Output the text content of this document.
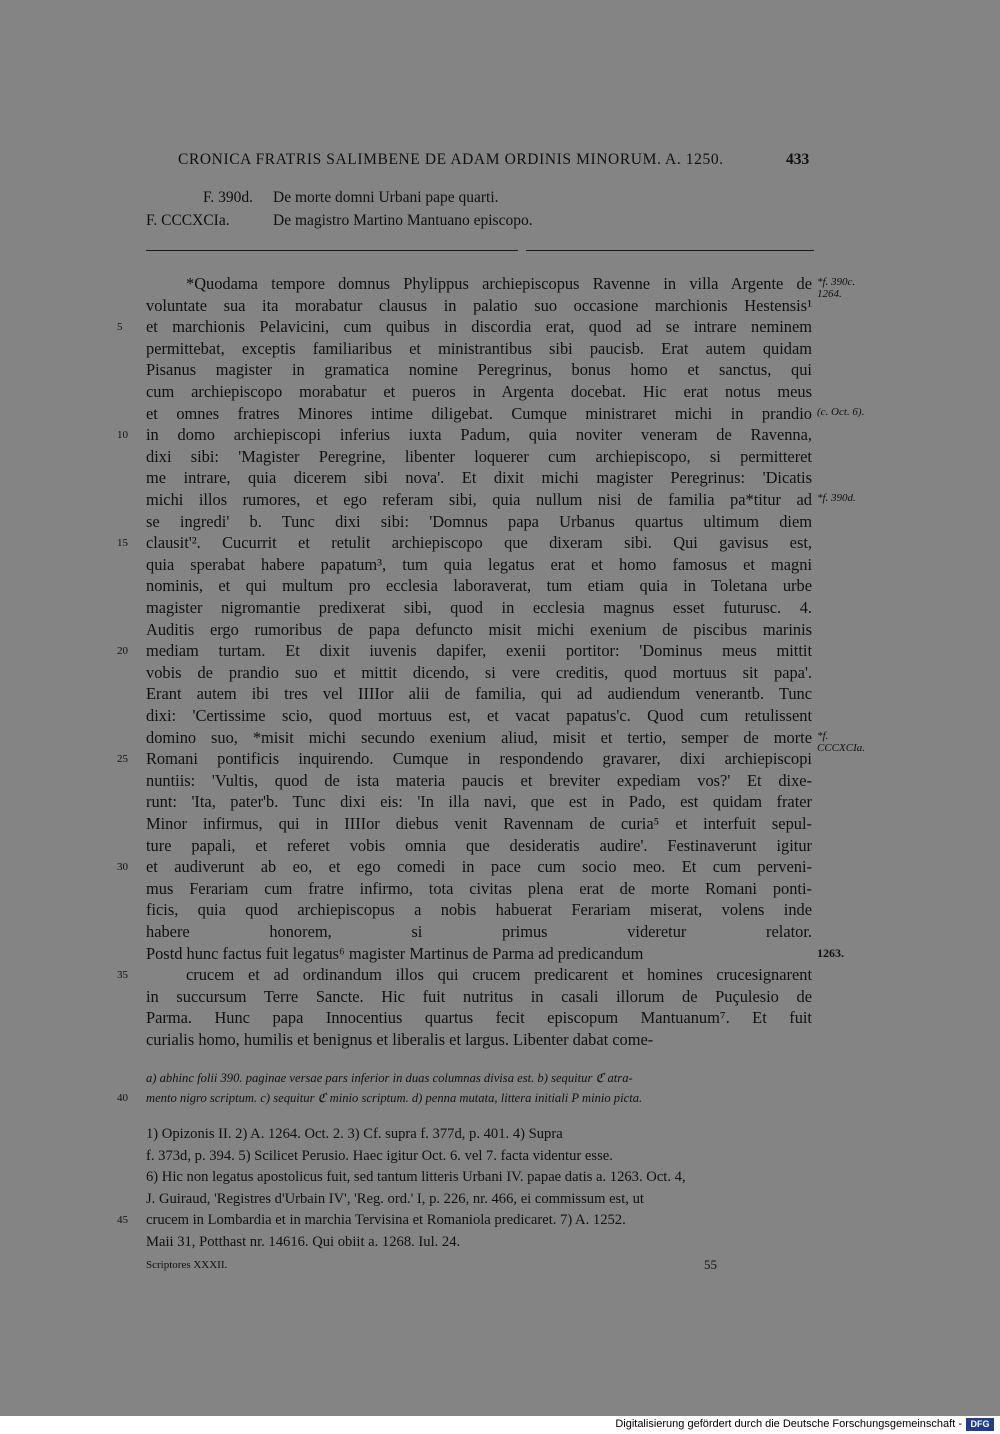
CRONICA FRATRIS SALIMBENE DE ADAM ORDINIS MINORUM. A. 1250.	433
F. 390d. De morte domni Urbani pape quarti.
F. CCCXCIa.	De magistro Martino Mantuano episcopo.
*Quodama tempore domnus Phylippus archiepiscopus Ravenne in villa Argente de *f. 390c. 1264.
voluntate sua ita morabatur clausus in palatio suo occasione marchionis Hestensis¹
et marchionis Pelavicini, cum quibus in discordia erat, quod ad se intrare neminem
5
permittebat, exceptis familiaribus et ministrantibus sibi paucisb. Erat autem quidam
Pisanus magister in gramatica nomine Peregrinus, bonus homo et sanctus, qui
cum archiepiscopo morabatur et pueros in Argenta docebat. Hic erat notus meus
et omnes fratres Minores intime diligebat. Cumque ministraret michi in prandio (c. Oct. 6).
in domo archiepiscopi inferius iuxta Padum, quia noviter veneram de Ravenna,
10
dixi sibi: 'Magister Peregrine, libenter loquerer cum archiepiscopo, si permitteret
me intrare, quia dicerem sibi nova'. Et dixit michi magister Peregrinus: 'Dicatis
michi illos rumores, et ego referam sibi, quia nullum nisi de familia pa*titur ad *f. 390d.
se ingredi' b. Tunc dixi sibi: 'Domnus papa Urbanus quartus ultimum diem
clausit'². Cucurrit et retulit archiepiscopo que dixeram sibi. Qui gavisus est,
15
quia sperabat habere papatum³, tum quia legatus erat et homo famosus et magni
nominis, et qui multum pro ecclesia laboraverat, tum etiam quia in Toletana urbe
magister nigromantie predixerat sibi, quod in ecclesia magnus esset futurusc. 4.
Auditis ergo rumoribus de papa defuncto misit michi exenium de piscibus marinis
mediam turtam. Et dixit iuvenis dapifer, exenii portitor: 'Dominus meus mittit
20
vobis de prandio suo et mittit dicendo, si vere creditis, quod mortuus sit papa'.
Erant autem ibi tres vel IIIIor alii de familia, qui ad audiendum venerantb. Tunc
dixi: 'Certissime scio, quod mortuus est, et vacat papatus'c. Quod cum retulissent
domino suo, *misit michi secundo exenium aliud, misit et tertio, semper de morte *f. CCCXCIa.
Romani pontificis inquirendo. Cumque in respondendo gravarer, dixi archiepiscopi
25
nuntiis: 'Vultis, quod de ista materia paucis et breviter expediam vos?' Et dixe-
runt: 'Ita, pater'b. Tunc dixi eis: 'In illa navi, que est in Pado, est quidam frater
Minor infirmus, qui in IIIIor diebus venit Ravennam de curia⁵ et interfuit sepul-
ture papali, et referet vobis omnia que desideratis audire'. Festinaverunt igitur
et audiverunt ab eo, et ego comedi in pace cum socio meo. Et cum perveni-
30
mus Ferariam cum fratre infirmo, tota civitas plena erat de morte Romani ponti-
ficis, quia quod archiepiscopus a nobis habuerat Ferariam miserat, volens inde
habere honorem, si primus videretur relator.
Postd hunc factus fuit legatus⁶ magister Martinus de Parma ad predicandum	1263.
crucem et ad ordinandum illos qui crucem predicarent et homines crucesignarent
35
in succursum Terre Sancte. Hic fuit nutritus in casali illorum de Puçulesio de
Parma. Hunc papa Innocentius quartus fecit episcopum Mantuanum⁷. Et fuit
curialis homo, humilis et benignus et liberalis et largus. Libenter dabat come-
a) abhinc folii 390. paginae versae pars inferior in duas columnas divisa est. b) sequitur ℭ atra-
mento nigro scriptum. c) sequitur ℭ minio scriptum. d) penna mutata, littera initiali P minio picta.
40
1) Opizonis II. 2) A. 1264. Oct. 2. 3) Cf. supra f. 377d, p. 401. 4) Supra
f. 373d, p. 394. 5) Scilicet Perusio. Haec igitur Oct. 6. vel 7. facta videntur esse.
6) Hic non legatus apostolicus fuit, sed tantum litteris Urbani IV. papae datis a. 1263. Oct. 4,
J. Guiraud, 'Registres d'Urbain IV', 'Reg. ord.' I, p. 226, nr. 466, ei commissum est, ut
crucem in Lombardia et in marchia Tervisina et Romaniola predicaret. 7) A. 1252.
45
Maii 31, Potthast nr. 14616. Qui obiit a. 1268. Iul. 24.
Scriptores XXXII.	55
Digitalisierung gefördert durch die Deutsche Forschungsgemeinschaft - DFG
